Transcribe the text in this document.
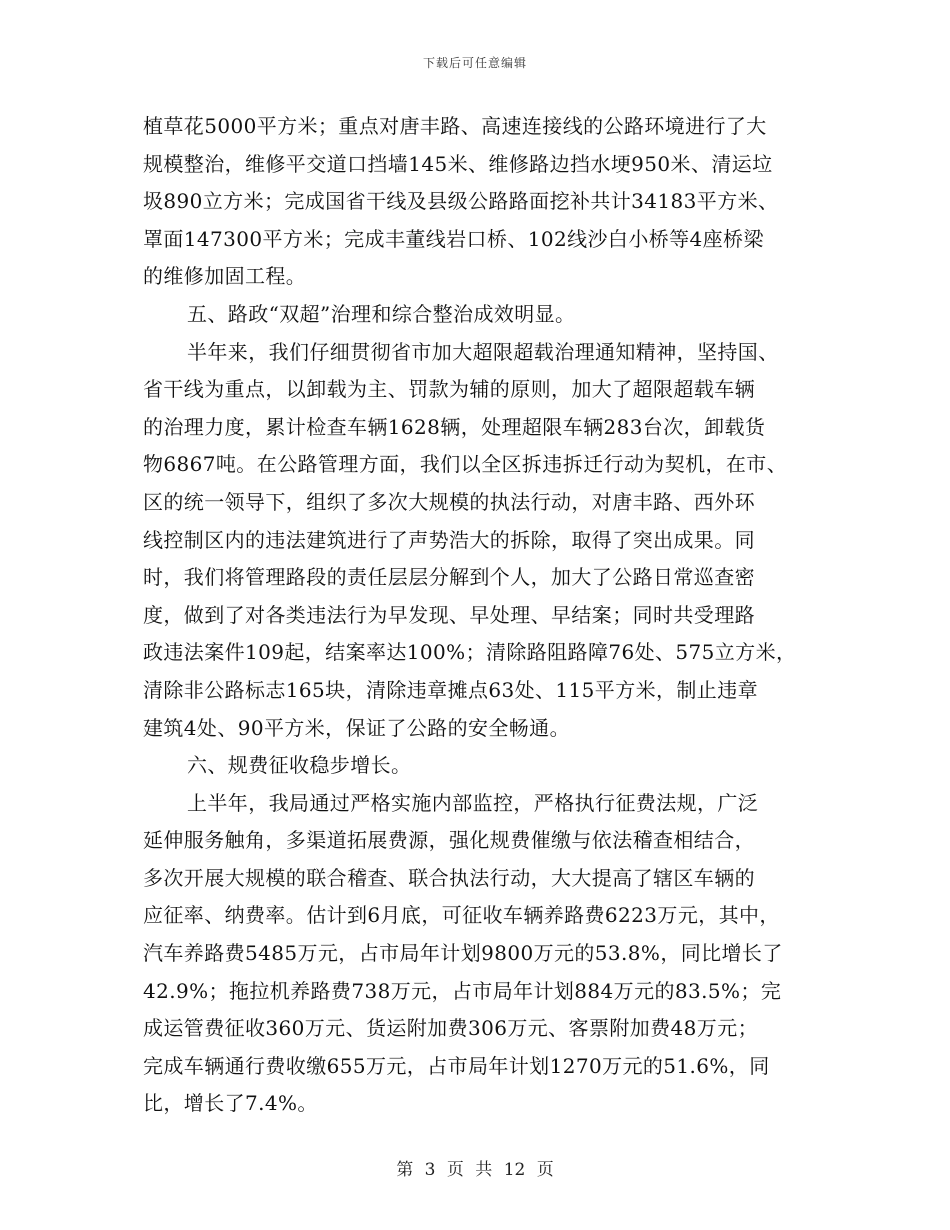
下载后可任意编辑
植草花5000平方米；重点对唐丰路、高速连接线的公路环境进行了大
规模整治，维修平交道口挡墙145米、维修路边挡水埂950米、清运垃
圾890立方米；完成国省干线及县级公路路面挖补共计34183平方米、
罩面147300平方米；完成丰董线岩口桥、102线沙白小桥等4座桥梁
的维修加固工程。
五、路政“双超”治理和综合整治成效明显。
半年来，我们仔细贯彻省市加大超限超载治理通知精神，坚持国、
省干线为重点，以卸载为主、罚款为辅的原则，加大了超限超载车辆
的治理力度，累计检查车辆1628辆，处理超限车辆283台次，卸载货
物6867吨。在公路管理方面，我们以全区拆违拆迁行动为契机，在市、
区的统一领导下，组织了多次大规模的执法行动，对唐丰路、西外环
线控制区内的违法建筑进行了声势浩大的拆除，取得了突出成果。同
时，我们将管理路段的责任层层分解到个人，加大了公路日常巡查密
度，做到了对各类违法行为早发现、早处理、早结案；同时共受理路
政违法案件109起，结案率达100%；清除路阻路障76处、575立方米，
清除非公路标志165块，清除违章摊点63处、115平方米，制止违章
建筑4处、90平方米，保证了公路的安全畅通。
六、规费征收稳步增长。
上半年，我局通过严格实施内部监控，严格执行征费法规，广泛
延伸服务触角，多渠道拓展费源，强化规费催缴与依法稽查相结合，
多次开展大规模的联合稽查、联合执法行动，大大提高了辖区车辆的
应征率、纳费率。估计到6月底，可征收车辆养路费6223万元，其中，
汽车养路费5485万元，占市局年计划9800万元的53.8%，同比增长了
42.9%；拖拉机养路费738万元，占市局年计划884万元的83.5%；完
成运管费征收360万元、货运附加费306万元、客票附加费48万元；
完成车辆通行费收缴655万元，占市局年计划1270万元的51.6%，同
比，增长了7.4%。
第 3 页 共 12 页
